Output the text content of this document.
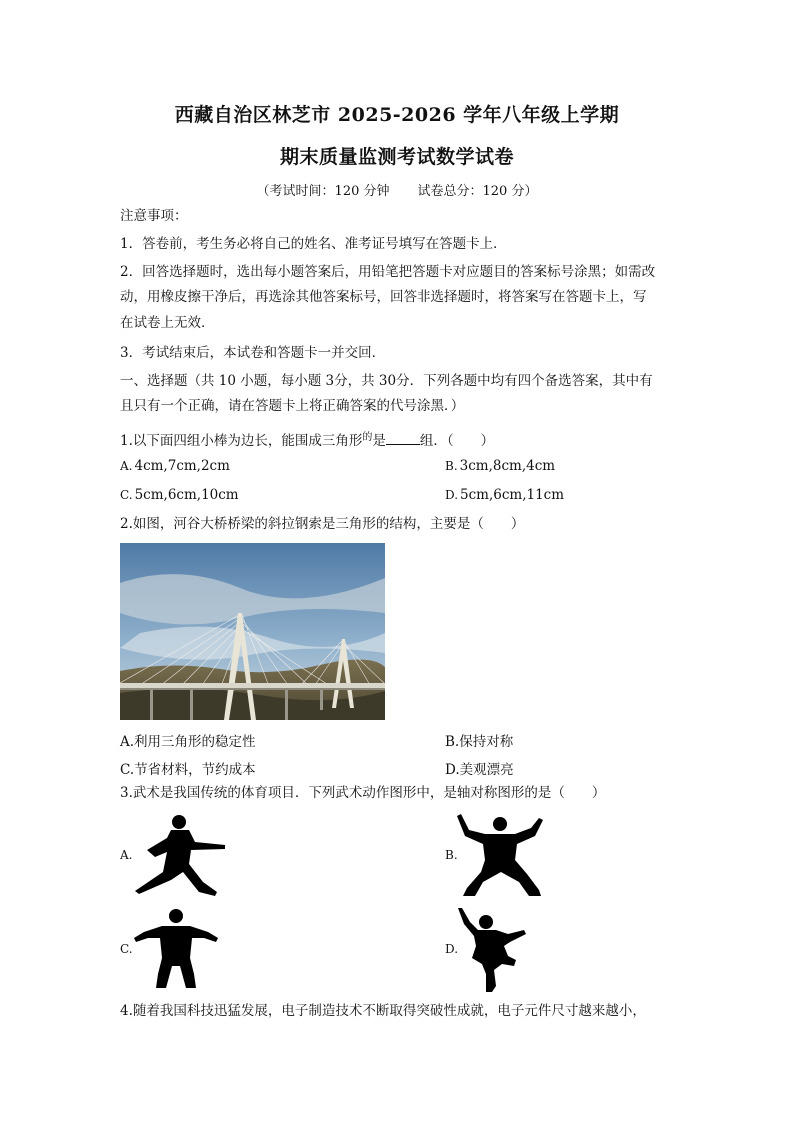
西藏自治区林芝市 2025-2026 学年八年级上学期
期末质量监测考试数学试卷
（考试时间：120 分钟 试卷总分：120 分）
注意事项：
1．答卷前，考生务必将自己的姓名、准考证号填写在答题卡上．
2．回答选择题时，选出每小题答案后，用铅笔把答题卡对应题目的答案标号涂黑；如需改
动，用橡皮擦干净后，再选涂其他答案标号，回答非选择题时，将答案写在答题卡上，写
在试卷上无效．
3．考试结束后，本试卷和答题卡一并交回．
一、选择题（共 10 小题，每小题 3分，共 30分．下列各题中均有四个备选答案，其中有
且只有一个正确，请在答题卡上将正确答案的代号涂黑．）
1.以下面四组小棒为边长，能围成三角形$^的$是	组．（　　）
A. 4cm,7cm,2cm	B. 3cm,8cm,4cm
C. 5cm,6cm,10cm	D. 5cm,6cm,11cm
2.如图，河谷大桥桥梁的斜拉钢索是三角形的结构，主要是（　　）
A.利用三角形的稳定性	B.保持对称
C.节省材料，节约成本	D.美观漂亮
3.武术是我国传统的体育项目．下列武术动作图形中，是轴对称图形的是（　　）
A.	B.
C.	D.
4.随着我国科技迅猛发展，电子制造技术不断取得突破性成就，电子元件尺寸越来越小，
